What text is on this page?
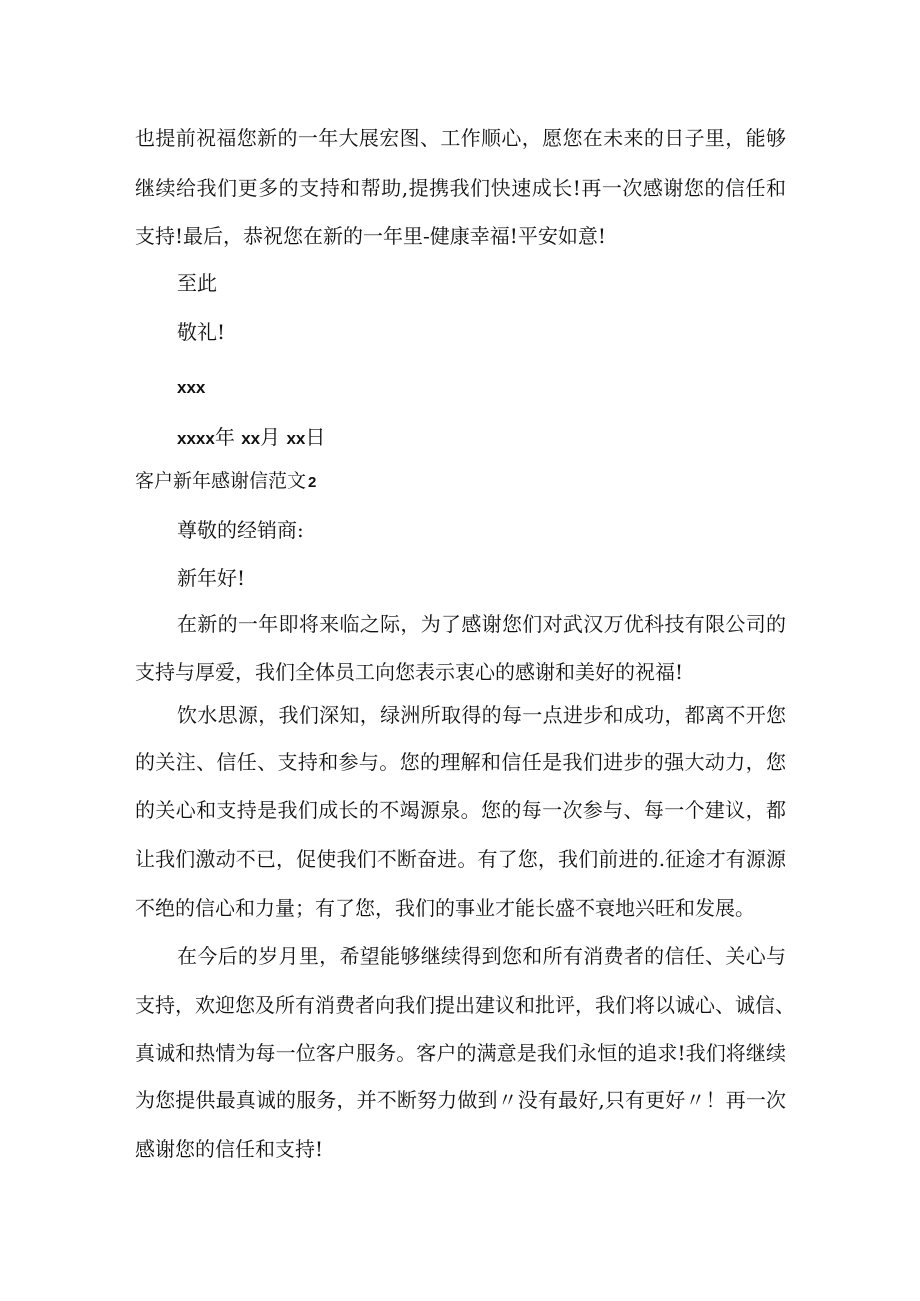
也提前祝福您新的一年大展宏图、工作顺心，愿您在未来的日子里，能够
继续给我们更多的支持和帮助,提携我们快速成长!再一次感谢您的信任和
支持!最后，恭祝您在新的一年里-健康幸福!平安如意!
至此
敬礼!
xxx
xxxx年 xx月 xx日
客户新年感谢信范文 2
尊敬的经销商:
新年好!
在新的一年即将来临之际，为了感谢您们对武汉万优科技有限公司的
支持与厚爱，我们全体员工向您表示衷心的感谢和美好的祝福!
饮水思源，我们深知，绿洲所取得的每一点进步和成功，都离不开您
的关注、信任、支持和参与。您的理解和信任是我们进步的强大动力，您
的关心和支持是我们成长的不竭源泉。您的每一次参与、每一个建议，都
让我们激动不已，促使我们不断奋进。有了您，我们前进的.征途才有源源
不绝的信心和力量；有了您，我们的事业才能长盛不衰地兴旺和发展。
在今后的岁月里，希望能够继续得到您和所有消费者的信任、关心与
支持，欢迎您及所有消费者向我们提出建议和批评，我们将以诚心、诚信、
真诚和热情为每一位客户服务。客户的满意是我们永恒的追求!我们将继续
为您提供最真诚的服务，并不断努力做到〃没有最好,只有更好〃！再一次
感谢您的信任和支持!
